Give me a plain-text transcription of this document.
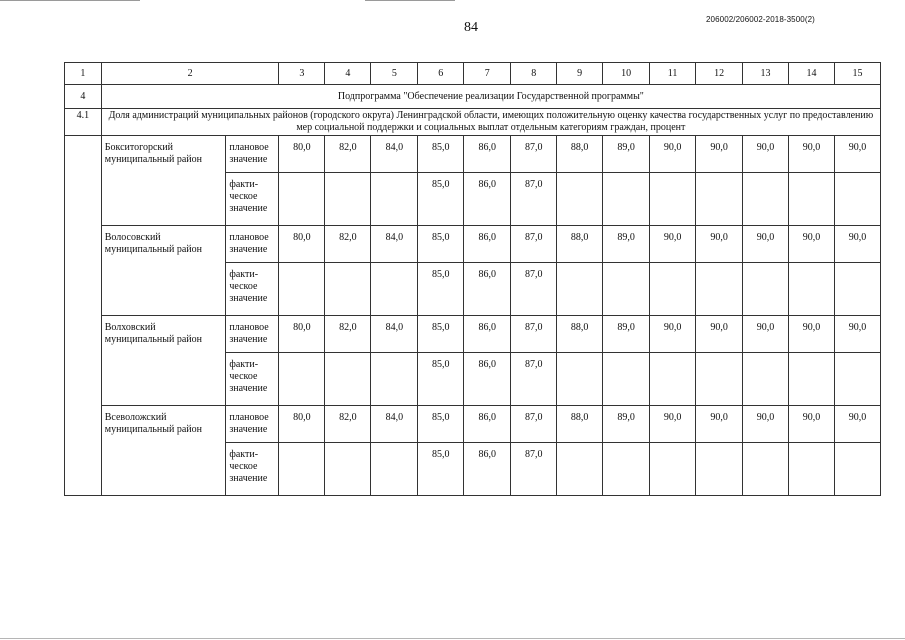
84
206002/206002-2018-3500(2)
1	2		3	4	5	6	7	8	9	10	11	12	13	14	15
4	Подпрограмма "Обеспечение реализации Государственной программы"														
4.1	Доля администраций муниципальных районов (городского округа) Ленинградской области, имеющих положительную оценку качества государственных услуг по предоставлению мер социальной поддержки и социальных выплат отдельным категориям граждан, процент														
	Бокситогорский муниципальный район	плановое значение	80,0	82,0	84,0	85,0	86,0	87,0	88,0	89,0	90,0	90,0	90,0	90,0	90,0
		факти-ческое значение				85,0	86,0	87,0							
	Волосовский муниципальный район	плановое значение	80,0	82,0	84,0	85,0	86,0	87,0	88,0	89,0	90,0	90,0	90,0	90,0	90,0
		факти-ческое значение				85,0	86,0	87,0							
	Волховский муниципальный район	плановое значение	80,0	82,0	84,0	85,0	86,0	87,0	88,0	89,0	90,0	90,0	90,0	90,0	90,0
		факти-ческое значение				85,0	86,0	87,0							
	Всеволожский муниципальный район	плановое значение	80,0	82,0	84,0	85,0	86,0	87,0	88,0	89,0	90,0	90,0	90,0	90,0	90,0
		факти-ческое значение				85,0	86,0	87,0							
